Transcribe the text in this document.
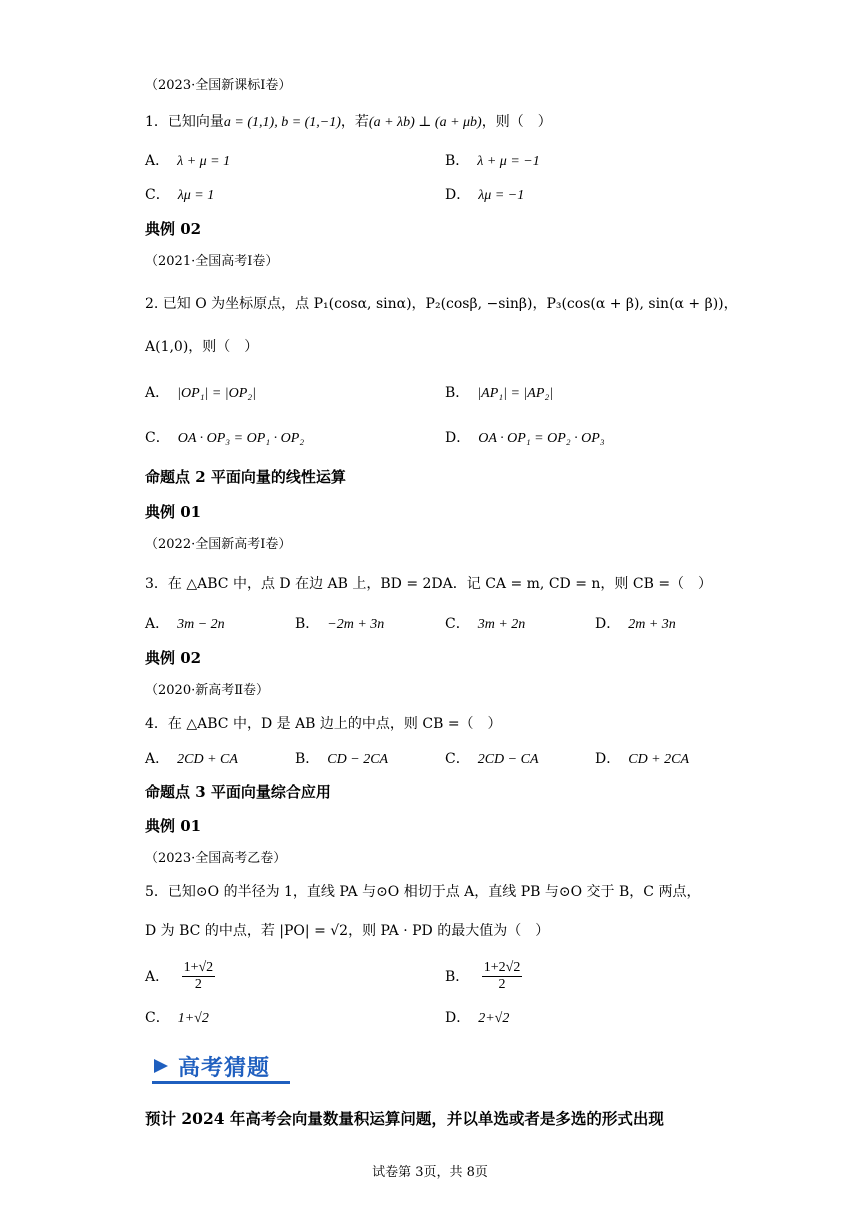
（2023·全国新课标Ⅰ卷）
1．已知向量a = (1,1), b = (1,−1)，若(a + λb) ⊥ (a + μb)，则（　）
A． λ + μ = 1	B． λ + μ = −1
C． λμ = 1	D． λμ = −1
典例 02
（2021·全国高考Ⅰ卷）
2. 已知 O 为坐标原点，点 P₁(cosα, sinα)，P₂(cosβ, −sinβ)，P₃(cos(α + β), sin(α + β))，
A(1,0)，则（　）
A． |OP₁| = |OP₂|	B． |AP₁| = |AP₂|
C． OA · OP₃ = OP₁ · OP₂	D． OA · OP₁ = OP₂ · OP₃
命题点 2 平面向量的线性运算
典例 01
（2022·全国新高考Ⅰ卷）
3．在 △ABC 中，点 D 在边 AB 上，BD = 2DA．记 CA = m, CD = n，则 CB =（　）
A． 3m − 2n	B． −2m + 3n	C． 3m + 2n	D． 2m + 3n
典例 02
（2020·新高考Ⅱ卷）
4．在 △ABC 中，D 是 AB 边上的中点，则 CB =（　）
A． 2CD + CA	B． CD − 2CA	C． 2CD − CA	D． CD + 2CA
命题点 3 平面向量综合应用
典例 01
（2023·全国高考乙卷）
5．已知⊙O 的半径为 1，直线 PA 与⊙O 相切于点 A，直线 PB 与⊙O 交于 B，C 两点，
D 为 BC 的中点，若 |PO| = √2，则 PA · PD 的最大值为（　）
A． $\frac{1+√2}{2}$	B． $\frac{1+2√2}{2}$
C． 1+√2	D． 2+√2
高考猜题
预计 2024 年高考会向量数量积运算问题，并以单选或者是多选的形式出现
试卷第 3页，共 8页
